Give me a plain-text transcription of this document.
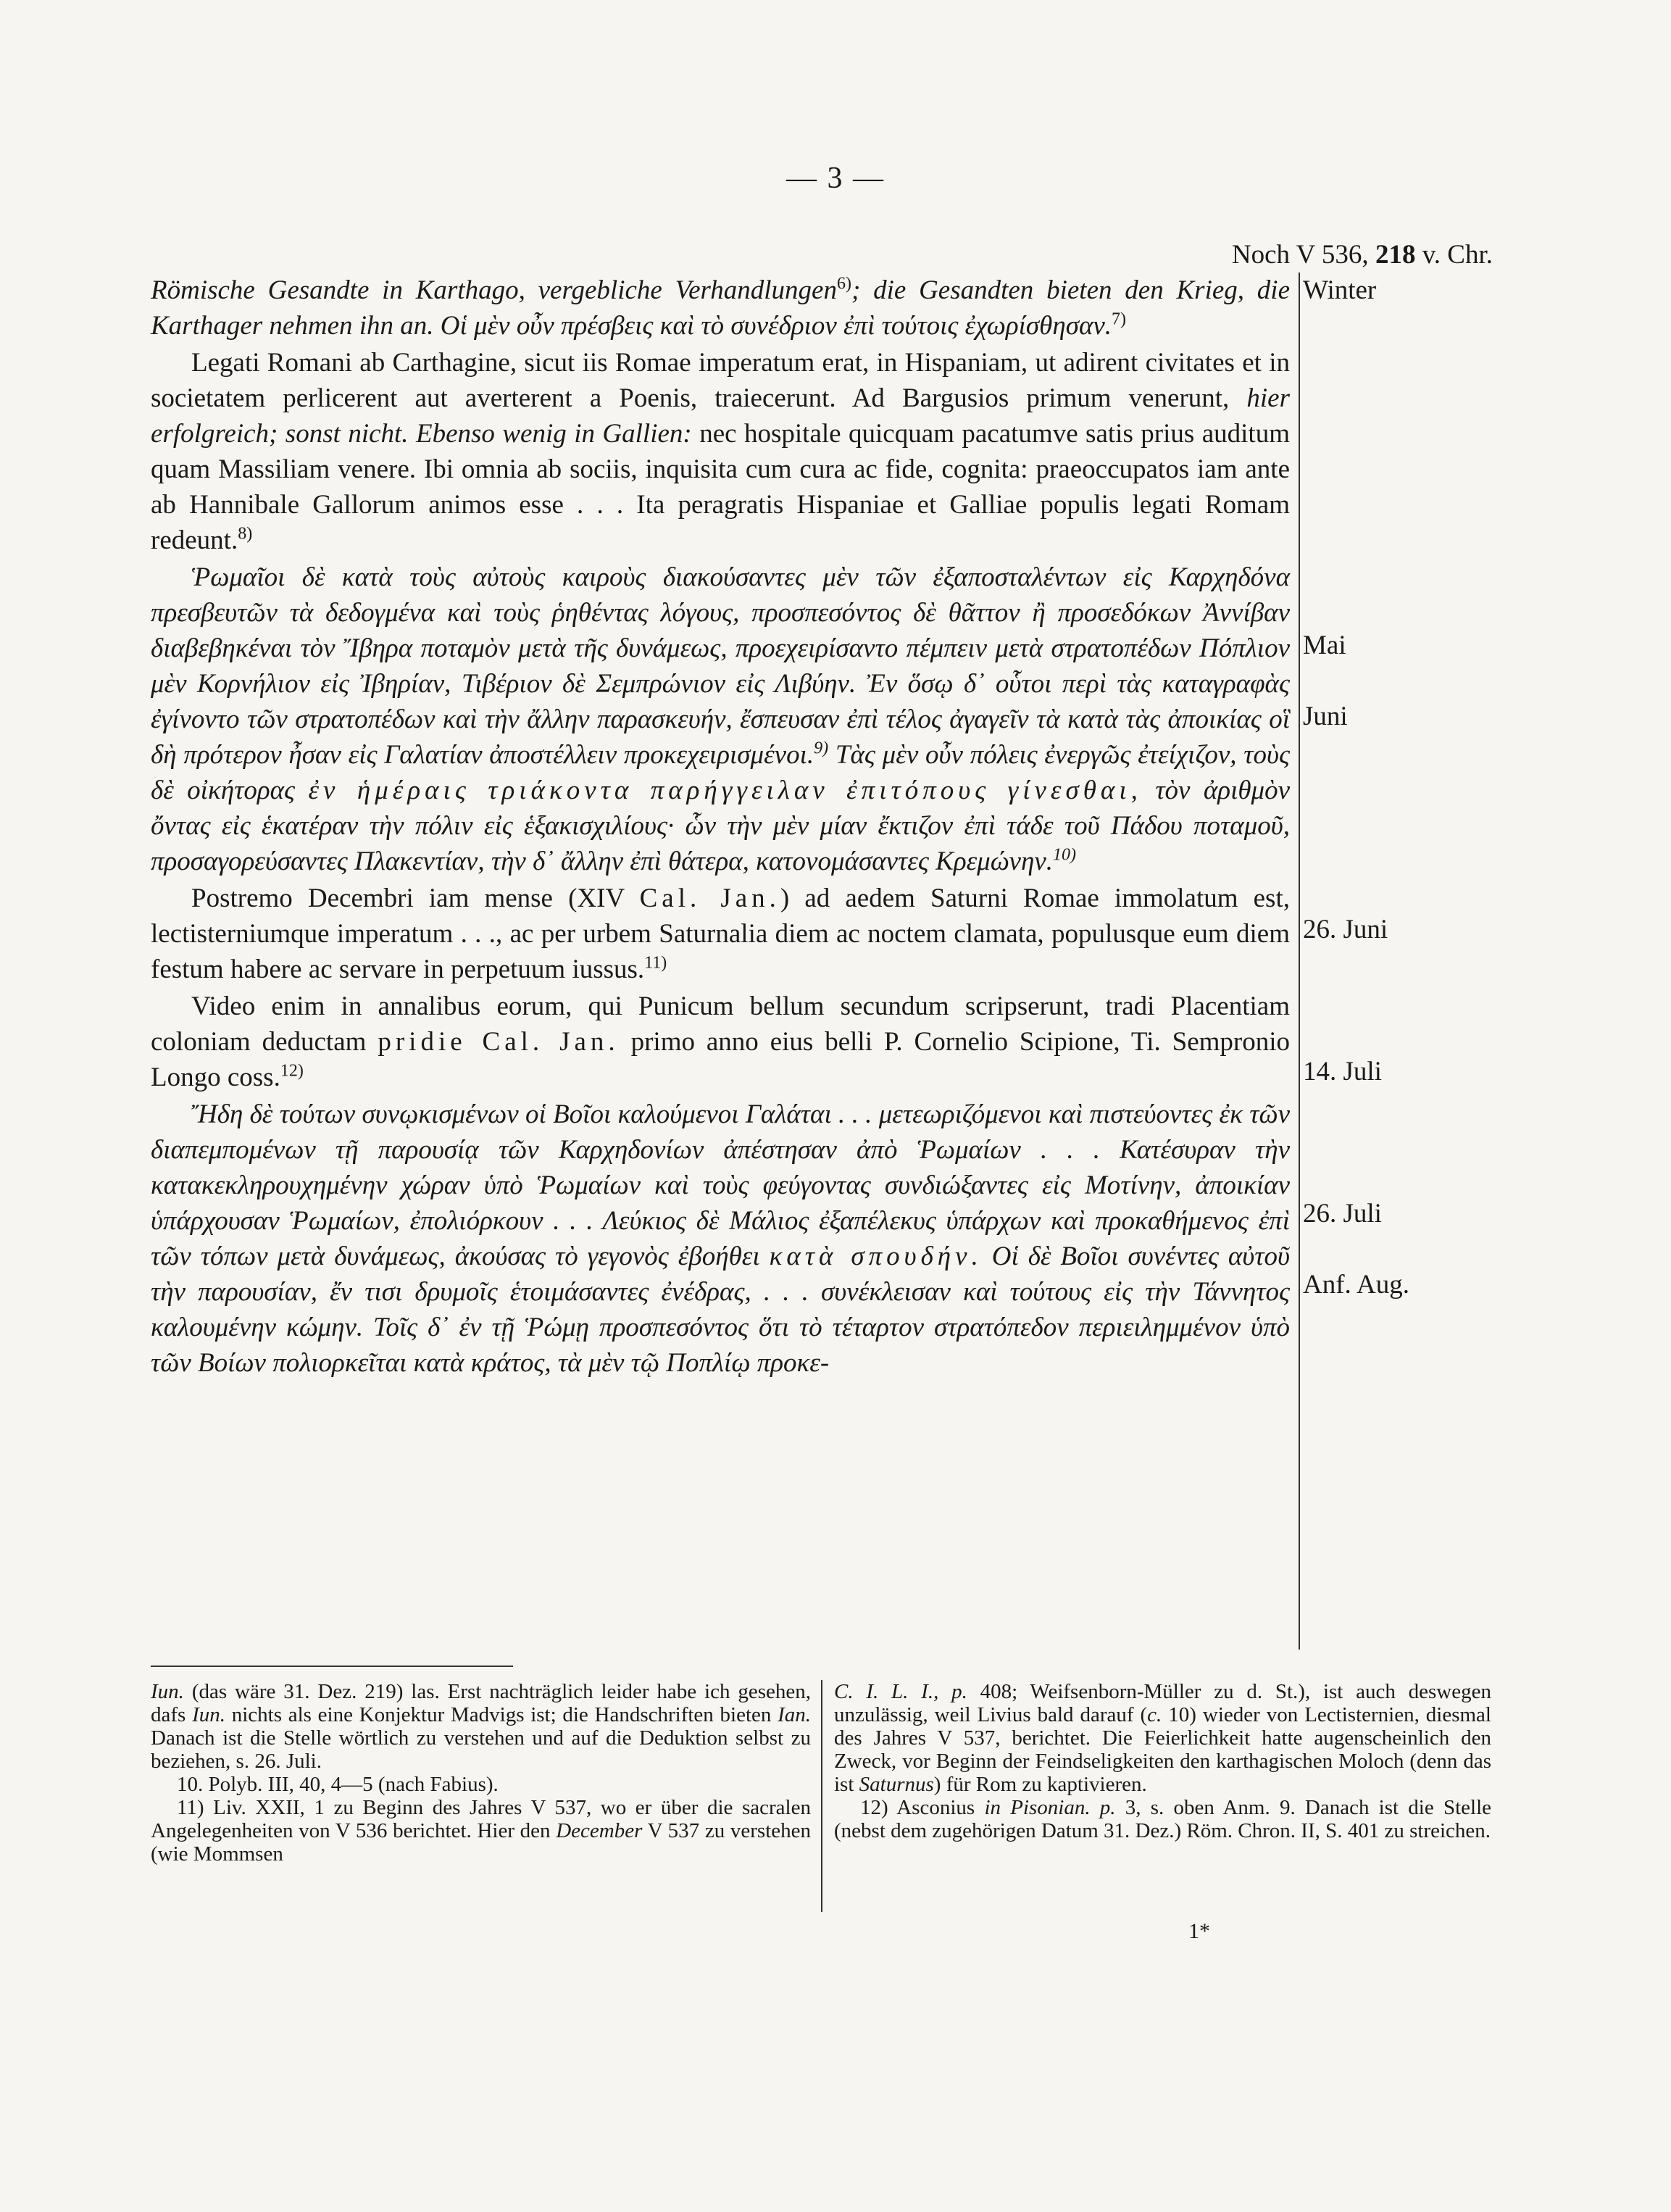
— 3 —
Noch V 536, 218 v. Chr.

Römische Gesandte in Karthago, vergebliche Verhandlungen$^{6)}$; die Gesandten bieten den Krieg, die Karthager nehmen ihn an. Οἱ μὲν οὖν πρέσβεις καὶ τὸ συνέδριον ἐπὶ τούτοις ἐχωρίσθησαν.$^{7)}$

Legati Romani ab Carthagine, sicut iis Romae imperatum erat, in Hispaniam, ut adirent civitates et in societatem perlicerent aut averterent a Poenis, traiecerunt. Ad Bargusios primum venerunt, hier erfolgreich; sonst nicht. Ebenso wenig in Gallien: nec hospitale quicquam pacatumve satis prius auditum quam Massiliam venere. Ibi omnia ab sociis, inquisita cum cura ac fide, cognita: praeoccupatos iam ante ab Hannibale Gallorum animos esse . . . Ita peragratis Hispaniae et Galliae populis legati Romam redeunt.$^{8)}$

Ῥωμαῖοι δὲ κατὰ τοὺς αὐτοὺς καιροὺς διακούσαντες μὲν τῶν ἐξαποσταλέντων εἰς Καρχηδόνα πρεσβευτῶν τὰ δεδογμένα καὶ τοὺς ῥηθέντας λόγους, προσπεσόντος δὲ θᾶττον ἢ προσεδόκων Ἀννίβαν διαβεβηκέναι τὸν Ἴβηρα ποταμὸν μετὰ τῆς δυνάμεως, προεχειρίσαντο πέμπειν μετὰ στρατοπέδων Πόπλιον μὲν Κορνήλιον εἰς Ἰβηρίαν, Τιβέριον δὲ Σεμπρώνιον εἰς Λιβύην. Ἐν ὅσῳ δ᾿ οὗτοι περὶ τὰς καταγραφὰς ἐγίνοντο τῶν στρατοπέδων καὶ τὴν ἄλλην παρασκευήν, ἔσπευσαν ἐπὶ τέλος ἀγαγεῖν τὰ κατὰ τὰς ἀποικίας οἳ δὴ πρότερον ἦσαν εἰς Γαλατίαν ἀποστέλλειν προκεχειρισμένοι.$^{9)}$ Τὰς μὲν οὖν πόλεις ἐνεργῶς ἐτείχιζον, τοὺς δὲ οἰκήτορας ἐν ἡμέραις τριάκοντα παρήγγειλαν ἐπιτόπους γίνεσθαι, τὸν ἀριθμὸν ὄντας εἰς ἑκατέραν τὴν πόλιν εἰς ἑξακισχιλίους· ὧν τὴν μὲν μίαν ἔκτιζον ἐπὶ τάδε τοῦ Πάδου ποταμοῦ, προσαγορεύσαντες Πλακεντίαν, τὴν δ᾿ ἄλλην ἐπὶ θάτερα, κατονομάσαντες Κρεμώνην.$^{10)}$

Postremo Decembri iam mense (XIV Cal. Jan.) ad aedem Saturni Romae immolatum est, lectisterniumque imperatum . . ., ac per urbem Saturnalia diem ac noctem clamata, populusque eum diem festum habere ac servare in perpetuum iussus.$^{11)}$

Video enim in annalibus eorum, qui Punicum bellum secundum scripserunt, tradi Placentiam coloniam deductam pridie Cal. Jan. primo anno eius belli P. Cornelio Scipione, Ti. Sempronio Longo coss.$^{12)}$

Ἤδη δὲ τούτων συνῳκισμένων οἱ Βοῖοι καλούμενοι Γαλάται . . . μετεωριζόμενοι καὶ πιστεύοντες ἐκ τῶν διαπεμπομένων τῇ παρουσίᾳ τῶν Καρχηδονίων ἀπέστησαν ἀπὸ Ῥωμαίων . . . Κατέσυραν τὴν κατακεκληρουχημένην χώραν ὑπὸ Ῥωμαίων καὶ τοὺς φεύγοντας συνδιώξαντες εἰς Μοτίνην, ἀποικίαν ὑπάρχουσαν Ῥωμαίων, ἐπολιόρκουν . . . Λεύκιος δὲ Μάλιος ἐξαπέλεκυς ὑπάρχων καὶ προκαθήμενος ἐπὶ τῶν τόπων μετὰ δυνάμεως, ἀκούσας τὸ γεγονὸς ἐβοήθει κατὰ σπουδήν. Οἱ δὲ Βοῖοι συνέντες αὐτοῦ τὴν παρουσίαν, ἔν τισι δρυμοῖς ἑτοιμάσαντες ἐνέδρας, . . . συνέκλεισαν καὶ τούτους εἰς τὴν Τάννητος καλουμένην κώμην. Τοῖς δ᾿ ἐν τῇ Ῥώμῃ προσπεσόντος ὅτι τὸ τέταρτον στρατόπεδον περιειλημμένον ὑπὸ τῶν Βοίων πολιορκεῖται κατὰ κράτος, τὰ μὲν τῷ Ποπλίῳ προκε-

Winter
Mai
Juni
26. Juni
14. Juli
26. Juli
Anf. Aug.

Iun. (das wäre 31. Dez. 219) las. Erst nachträglich leider habe ich gesehen, dafs Iun. nichts als eine Konjektur Madvigs ist; die Handschriften bieten Ian. Danach ist die Stelle wörtlich zu verstehen und auf die Deduktion selbst zu beziehen, s. 26. Juli.

10. Polyb. III, 40, 4—5 (nach Fabius).

11) Liv. XXII, 1 zu Beginn des Jahres V 537, wo er über die sacralen Angelegenheiten von V 536 berichtet. Hier den December V 537 zu verstehen (wie Mommsen

C. I. L. I., p. 408; Weifsenborn-Müller zu d. St.), ist auch deswegen unzulässig, weil Livius bald darauf (c. 10) wieder von Lectisternien, diesmal des Jahres V 537, berichtet. Die Feierlichkeit hatte augenscheinlich den Zweck, vor Beginn der Feindseligkeiten den karthagischen Moloch (denn das ist Saturnus) für Rom zu kaptivieren.

12) Asconius in Pisonian. p. 3, s. oben Anm. 9. Danach ist die Stelle (nebst dem zugehörigen Datum 31. Dez.) Röm. Chron. II, S. 401 zu streichen.

1*
